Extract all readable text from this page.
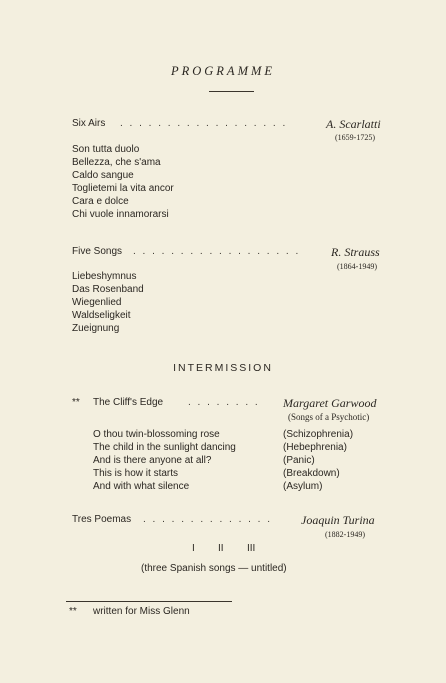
PROGRAMME
Six Airs . . . . . . . . . . . . . . . . . .	A. Scarlatti
(1659-1725)
Son tutta duolo
Bellezza, che s'ama
Caldo sangue
Toglietemi la vita ancor
Cara e dolce
Chi vuole innamorarsi
Five Songs . . . . . . . . . . . . . . . . . .	R. Strauss
(1864-1949)
Liebeshymnus
Das Rosenband
Wiegenlied
Waldseligkeit
Zueignung
INTERMISSION
** The Cliff's Edge . . . . . . . . Margaret Garwood
(Songs of a Psychotic)
O thou twin-blossoming rose
The child in the sunlight dancing
And is there anyone at all?
This is how it starts
And with what silence
(Schizophrenia)
(Hebephrenia)
(Panic)
(Breakdown)
(Asylum)
Tres Poemas . . . . . . . . . . . . . . Joaquin Turina
(1882-1949)
I II III
(three Spanish songs — untitled)
** written for Miss Glenn
